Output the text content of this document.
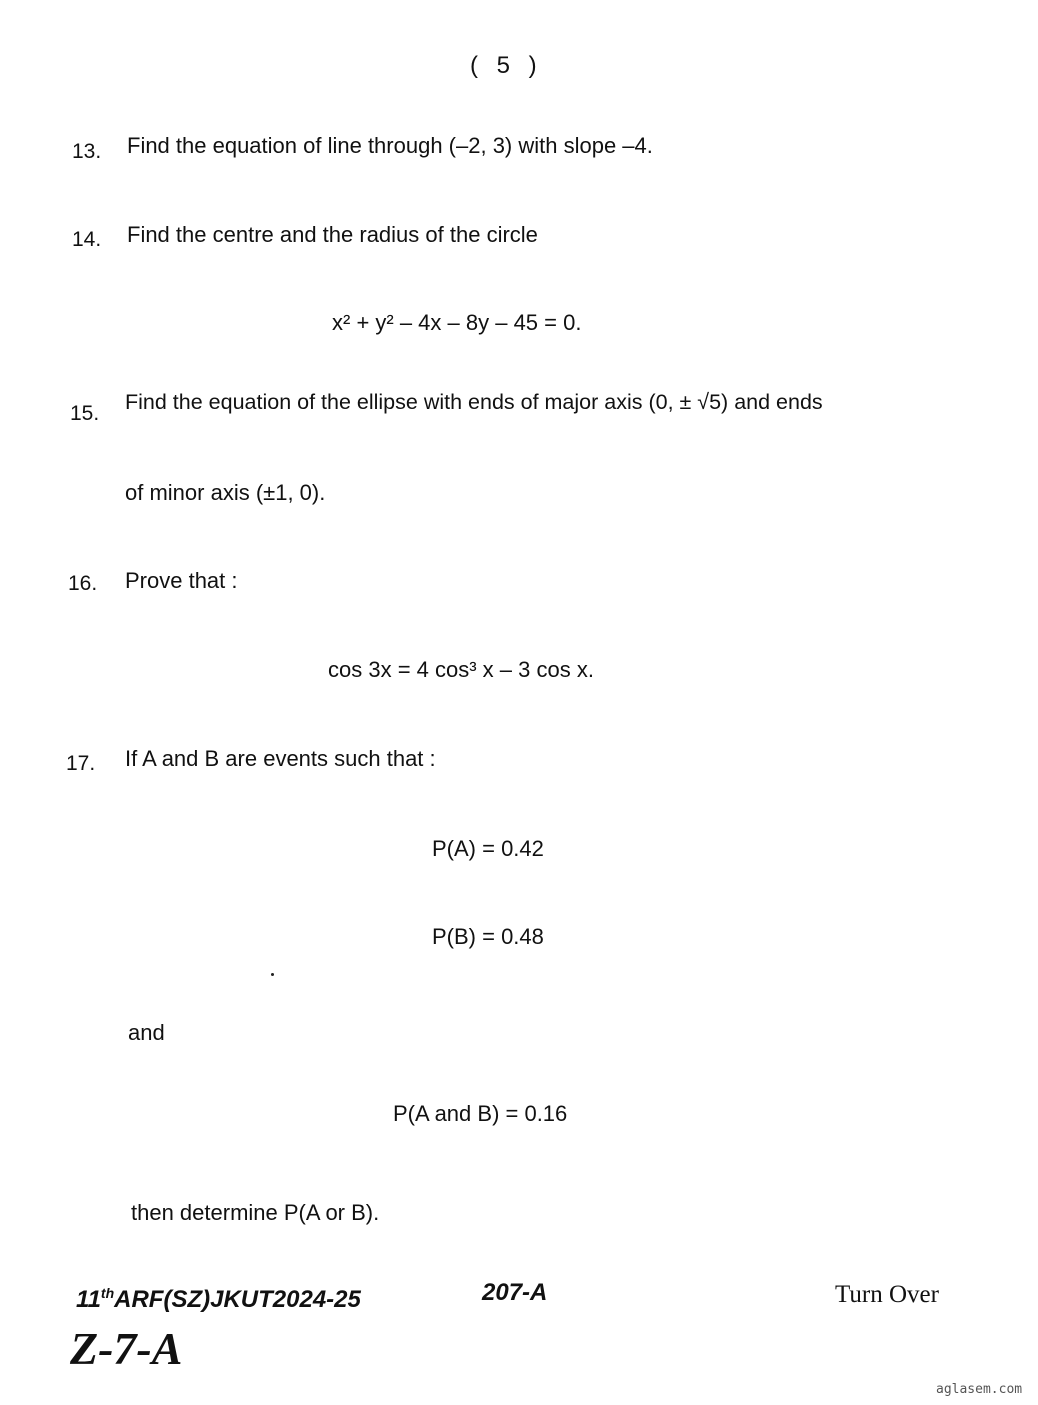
( 5 )
13. Find the equation of line through (–2, 3) with slope –4.
14. Find the centre and the radius of the circle
x² + y² – 4x – 8y – 45 = 0.
15. Find the equation of the ellipse with ends of major axis (0, ± √5) and ends
of minor axis (±1, 0).
16. Prove that :
cos 3x = 4 cos³ x – 3 cos x.
17. If A and B are events such that :
P(A) = 0.42
P(B) = 0.48
and
P(A and B) = 0.16
then determine P(A or B).
11thARF(SZ)JKUT2024-25	207-A	Turn Over
Z-7-A
aglasem.com
